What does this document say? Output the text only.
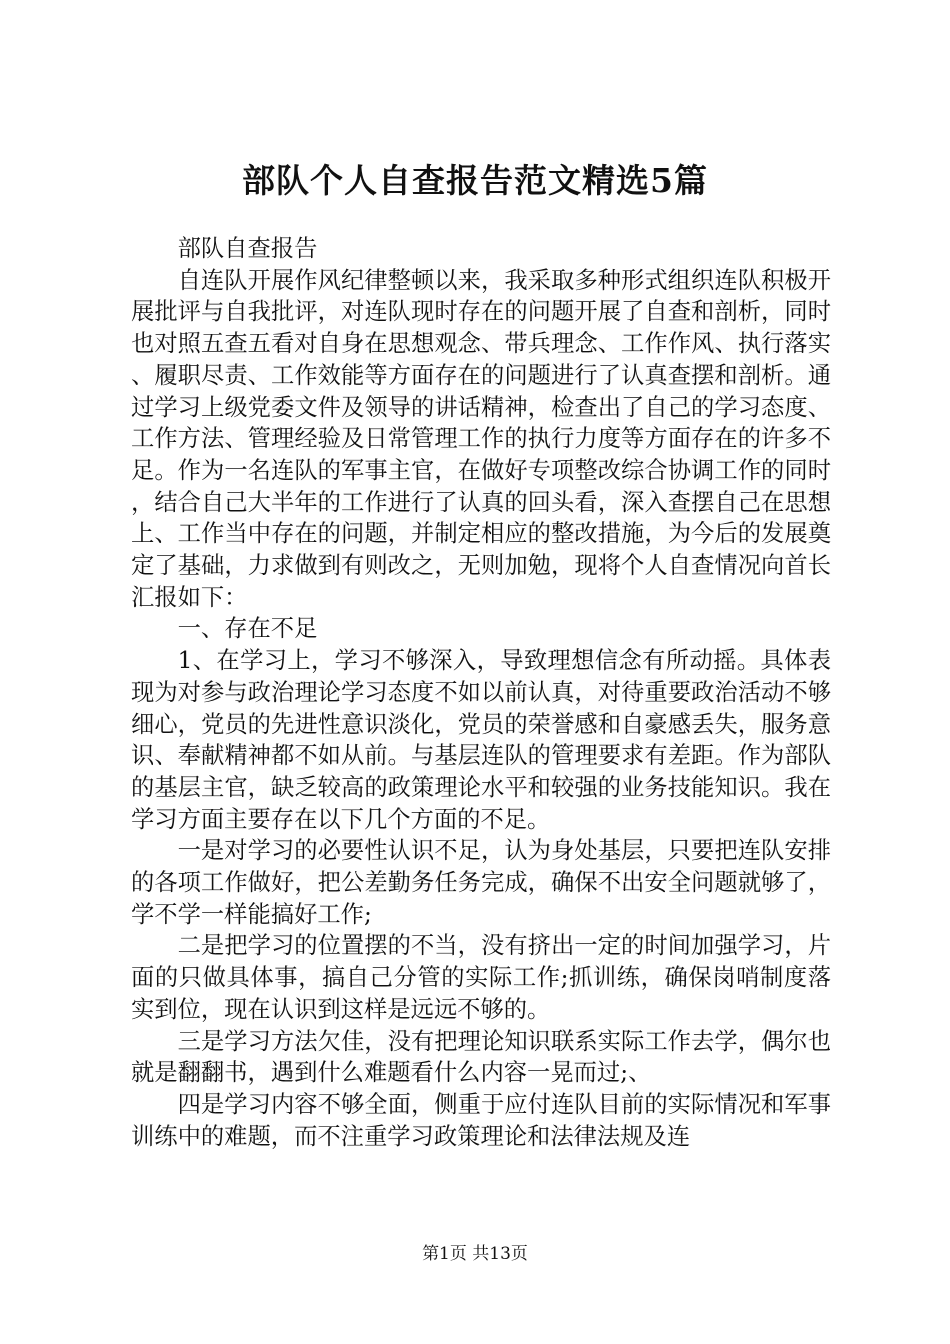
部队个人自查报告范文精选5篇

部队自查报告

自连队开展作风纪律整顿以来，我采取多种形式组织连队积极开展批评与自我批评，对连队现时存在的问题开展了自查和剖析，同时也对照五查五看对自身在思想观念、带兵理念、工作作风、执行落实、履职尽责、工作效能等方面存在的问题进行了认真查摆和剖析。通过学习上级党委文件及领导的讲话精神，检查出了自己的学习态度、工作方法、管理经验及日常管理工作的执行力度等方面存在的许多不足。作为一名连队的军事主官，在做好专项整改综合协调工作的同时，结合自己大半年的工作进行了认真的回头看，深入查摆自己在思想上、工作当中存在的问题，并制定相应的整改措施，为今后的发展奠定了基础，力求做到有则改之，无则加勉，现将个人自查情况向首长汇报如下：

一、存在不足

1、在学习上，学习不够深入，导致理想信念有所动摇。具体表现为对参与政治理论学习态度不如以前认真，对待重要政治活动不够细心，党员的先进性意识淡化，党员的荣誉感和自豪感丢失，服务意识、奉献精神都不如从前。与基层连队的管理要求有差距。作为部队的基层主官，缺乏较高的政策理论水平和较强的业务技能知识。我在学习方面主要存在以下几个方面的不足。

一是对学习的必要性认识不足，认为身处基层，只要把连队安排的各项工作做好，把公差勤务任务完成，确保不出安全问题就够了，学不学一样能搞好工作;

二是把学习的位置摆的不当，没有挤出一定的时间加强学习，片面的只做具体事，搞自己分管的实际工作;抓训练，确保岗哨制度落实到位，现在认识到这样是远远不够的。

三是学习方法欠佳，没有把理论知识联系实际工作去学，偶尔也就是翻翻书，遇到什么难题看什么内容一晃而过;、

四是学习内容不够全面，侧重于应付连队目前的实际情况和军事训练中的难题，而不注重学习政策理论和法律法规及连

第1页 共13页
